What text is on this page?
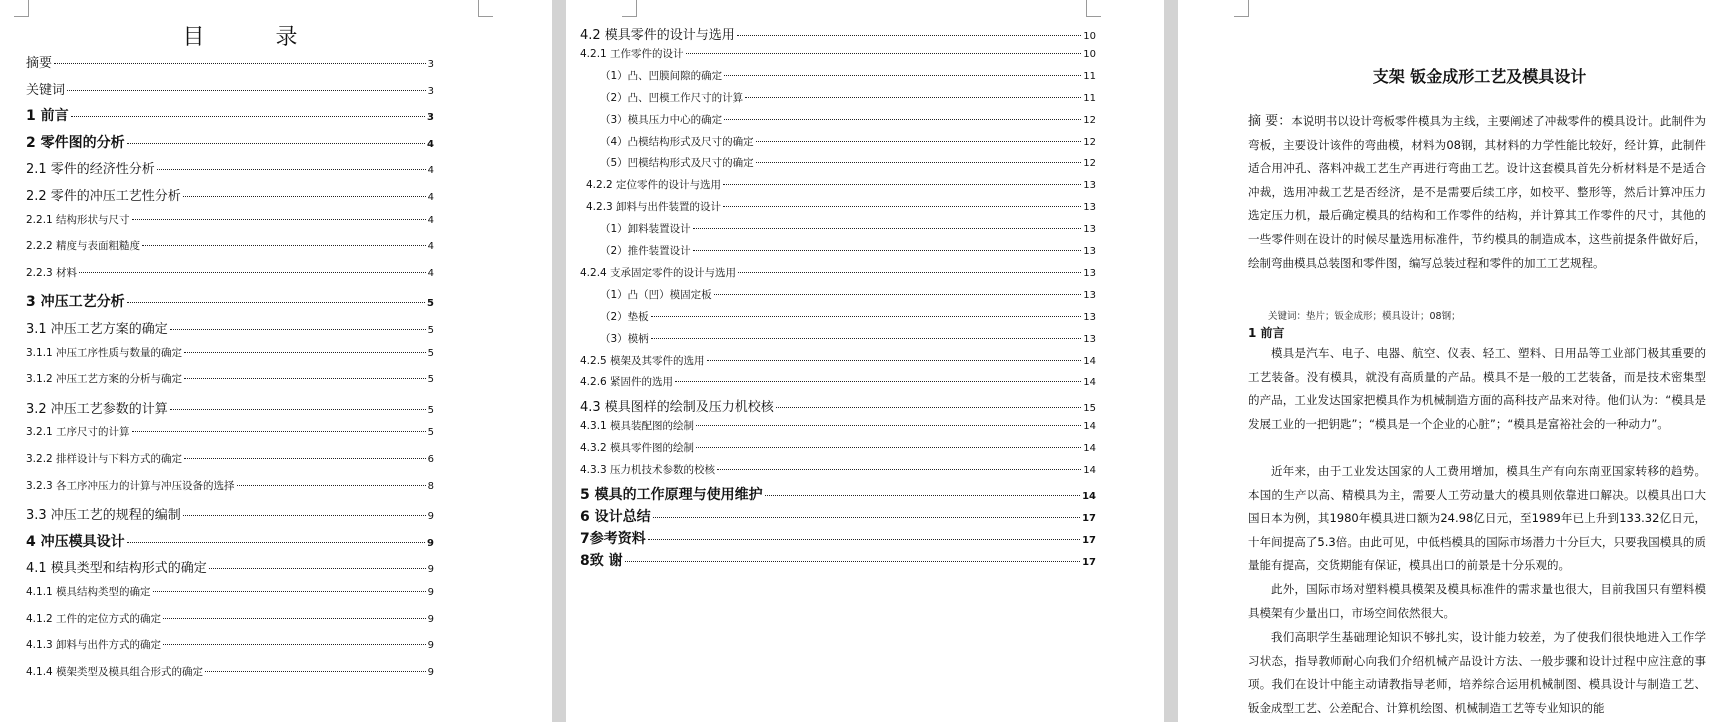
目 录
摘要	3
关键词	3
1 前言	3
2 零件图的分析	4
2.1 零件的经济性分析	4
2.2 零件的冲压工艺性分析	4
2.2.1 结构形状与尺寸	4
2.2.2 精度与表面粗糙度	4
2.2.3 材料	4
3 冲压工艺分析	5
3.1 冲压工艺方案的确定	5
3.1.1 冲压工序性质与数量的确定	5
3.1.2 冲压工艺方案的分析与确定	5
3.2 冲压工艺参数的计算	5
3.2.1 工序尺寸的计算	5
3.2.2 排样设计与下料方式的确定	6
3.2.3 各工序冲压力的计算与冲压设备的选择	8
3.3 冲压工艺的规程的编制	9
4 冲压模具设计	9
4.1 模具类型和结构形式的确定	9
4.1.1 模具结构类型的确定	9
4.1.2 工件的定位方式的确定	9
4.1.3 卸料与出件方式的确定	9
4.1.4 模架类型及模具组合形式的确定	9
4.2 模具零件的设计与选用	10
4.2.1 工作零件的设计	10
（1）凸、凹膜间隙的确定	11
（2）凸、凹模工作尺寸的计算	11
（3）模具压力中心的确定	12
（4）凸模结构形式及尺寸的确定	12
（5）凹模结构形式及尺寸的确定	12
4.2.2 定位零件的设计与选用	13
4.2.3 卸料与出件装置的设计	13
（1）卸料装置设计	13
（2）推件装置设计	13
4.2.4 支承固定零件的设计与选用	13
（1）凸（凹）模固定板	13
（2）垫板	13
（3）模柄	13
4.2.5 模架及其零件的选用	14
4.2.6 紧固件的选用	14
4.3 模具图样的绘制及压力机校核	15
4.3.1 模具装配图的绘制	14
4.3.2 模具零件图的绘制	14
4.3.3 压力机技术参数的校核	14
5 模具的工作原理与使用维护	14
6 设计总结	17
7参考资料	17
8致 谢	17
支架 钣金成形工艺及模具设计

摘 要：本说明书以设计弯板零件模具为主线，主要阐述了冲裁零件的模具设计。此制件为弯板，主要设计该件的弯曲模，材料为08钢，其材料的力学性能比较好，经计算，此制件适合用冲孔、落料冲裁工艺生产再进行弯曲工艺。设计这套模具首先分析材料是不是适合冲裁，选用冲裁工艺是否经济，是不是需要后续工序，如校平、整形等，然后计算冲压力选定压力机，最后确定模具的结构和工作零件的结构，并计算其工作零件的尺寸，其他的一些零件则在设计的时候尽量选用标准件，节约模具的制造成本，这些前提条件做好后，绘制弯曲模具总装图和零件图，编写总装过程和零件的加工工艺规程。

关键词：垫片；钣金成形；模具设计；08钢；
1 前言

模具是汽车、电子、电器、航空、仪表、轻工、塑料、日用品等工业部门极其重要的工艺装备。没有模具，就没有高质量的产品。模具不是一般的工艺装备，而是技术密集型的产品，工业发达国家把模具作为机械制造方面的高科技产品来对待。他们认为：“模具是发展工业的一把钥匙”；“模具是一个企业的心脏”；“模具是富裕社会的一种动力”。

近年来，由于工业发达国家的人工费用增加，模具生产有向东南亚国家转移的趋势。本国的生产以高、精模具为主，需要人工劳动量大的模具则依靠进口解决。以模具出口大国日本为例，其1980年模具进口额为24.98亿日元，至1989年已上升到133.32亿日元，十年间提高了5.3倍。由此可见，中低档模具的国际市场潜力十分巨大，只要我国模具的质量能有提高，交货期能有保证，模具出口的前景是十分乐观的。

此外，国际市场对塑料模具模架及模具标准件的需求量也很大，目前我国只有塑料模具模架有少量出口，市场空间依然很大。

我们高职学生基础理论知识不够扎实，设计能力较差，为了使我们很快地进入工作学习状态，指导教师耐心向我们介绍机械产品设计方法、一般步骤和设计过程中应注意的事项。我们在设计中能主动请教指导老师，培养综合运用机械制图、模具设计与制造工艺、钣金成型工艺、公差配合、计算机绘图、机械制造工艺等专业知识的能
